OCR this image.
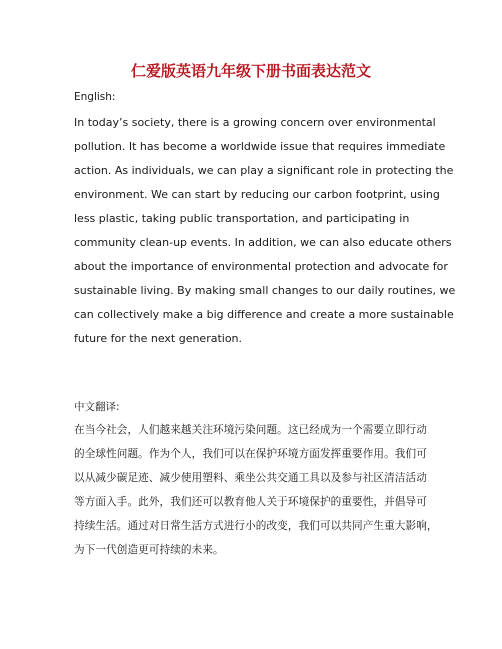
仁爱版英语九年级下册书面表达范文
English:
In today’s society, there is a growing concern over environmental
pollution. It has become a worldwide issue that requires immediate
action. As individuals, we can play a significant role in protecting the
environment. We can start by reducing our carbon footprint, using
less plastic, taking public transportation, and participating in
community clean-up events. In addition, we can also educate others
about the importance of environmental protection and advocate for
sustainable living. By making small changes to our daily routines, we
can collectively make a big difference and create a more sustainable
future for the next generation.
中文翻译:
在当今社会，人们越来越关注环境污染问题。这已经成为一个需要立即行动
的全球性问题。作为个人，我们可以在保护环境方面发挥重要作用。我们可
以从减少碳足迹、减少使用塑料、乘坐公共交通工具以及参与社区清洁活动
等方面入手。此外，我们还可以教育他人关于环境保护的重要性，并倡导可
持续生活。通过对日常生活方式进行小的改变，我们可以共同产生重大影响，
为下一代创造更可持续的未来。
